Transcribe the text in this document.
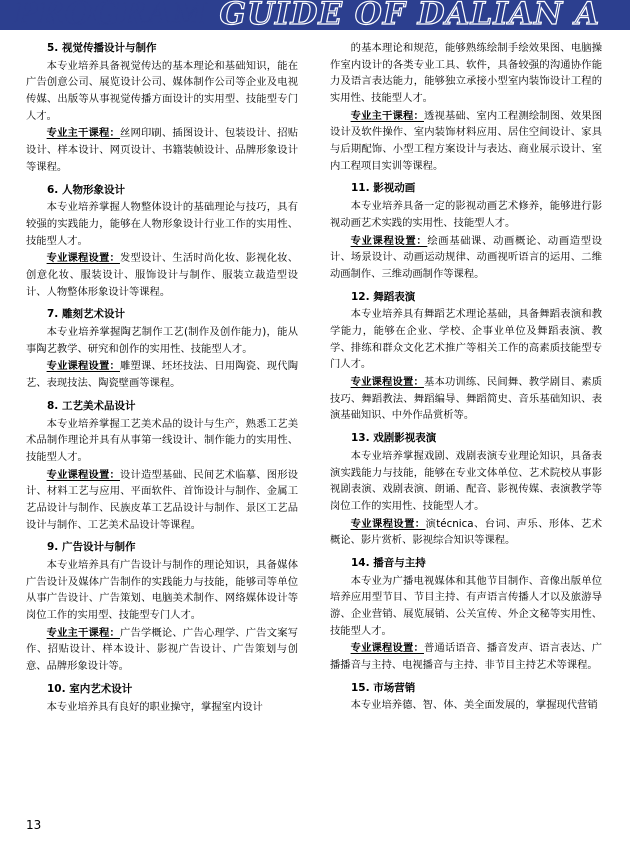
PROGRAM GUIDE OF DALIAN A
5. 视觉传播设计与制作

本专业培养具备视觉传达的基本理论和基础知识，能在广告创意公司、展览设计公司、媒体制作公司等企业及电视传媒、出版等从事视觉传播方面设计的实用型、技能型专门人才。

专业主干课程：丝网印刷、插图设计、包装设计、招贴设计、样本设计、网页设计、书籍装帧设计、品牌形象设计等课程。

6. 人物形象设计

本专业培养掌握人物整体设计的基础理论与技巧，具有较强的实践能力，能够在人物形象设计行业工作的实用性、技能型人才。

专业课程设置：发型设计、生活时尚化妆、影视化妆、创意化妆、服装设计、服饰设计与制作、服装立裁造型设计、人物整体形象设计等课程。

7. 雕刻艺术设计

本专业培养掌握陶艺制作工艺(制作及创作能力)，能从事陶艺教学、研究和创作的实用性、技能型人才。

专业课程设置：雕塑课、坯坯技法、日用陶瓷、现代陶艺、表现技法、陶瓷壁画等课程。

8. 工艺美术品设计

本专业培养掌握工艺美术品的设计与生产，熟悉工艺美术品制作理论并具有从事第一线设计、制作能力的实用性、技能型人才。

专业课程设置：设计造型基础、民间艺术临摹、图形设计、材料工艺与应用、平面软件、首饰设计与制作、金属工艺品设计与制作、民族皮革工艺品设计与制作、景区工艺品设计与制作、工艺美术品设计等课程。

9. 广告设计与制作

本专业培养具有广告设计与制作的理论知识，具备媒体广告设计及媒体广告制作的实践能力与技能，能够司等单位从事广告设计、广告策划、电脑美术制作、网络媒体设计等岗位工作的实用型、技能型专门人才。

专业主干课程：广告学概论、广告心理学、广告文案写作、招贴设计、样本设计、影视广告设计、广告策划与创意、品牌形象设计等。

10. 室内艺术设计

本专业培养具有良好的职业操守，掌握室内设计

的基本理论和规范，能够熟练绘制手绘效果图、电脑操作室内设计的各类专业工具、软件，具备较强的沟通协作能力及语言表达能力，能够独立承接小型室内装饰设计工程的实用性、技能型人才。

专业主干课程：透视基础、室内工程测绘制图、效果图设计及软件操作、室内装饰材料应用、居住空间设计、家具与后期配饰、小型工程方案设计与表达、商业展示设计、室内工程项目实训等课程。

11. 影视动画

本专业培养具备一定的影视动画艺术修养，能够进行影视动画艺术实践的实用性、技能型人才。

专业课程设置：绘画基础课、动画概论、动画造型设计、场景设计、动画运动规律、动画视听语言的运用、二维动画制作、三维动画制作等课程。

12. 舞蹈表演

本专业培养具有舞蹈艺术理论基础，具备舞蹈表演和教学能力，能够在企业、学校、企事业单位及舞蹈表演、教学、排练和群众文化艺术推广等相关工作的高素质技能型专门人才。

专业课程设置：基本功训练、民间舞、教学剧目、素质技巧、舞蹈教法、舞蹈编导、舞蹈简史、音乐基础知识、表演基础知识、中外作品赏析等。

13. 戏剧影视表演

本专业培养掌握戏剧、戏剧表演专业理论知识，具备表演实践能力与技能，能够在专业文体单位、艺术院校从事影视剧表演、戏剧表演、朗诵、配音、影视传媒、表演教学等岗位工作的实用性、技能型人才。

专业课程设置：演técnica、台词、声乐、形体、艺术概论、影片赏析、影视综合知识等课程。

14. 播音与主持

本专业为广播电视媒体和其他节目制作、音像出版单位培养应用型节目、节目主持、有声语言传播人才以及旅游导游、企业营销、展览展销、公关宣传、外企文秘等实用性、技能型人才。

专业课程设置：普通话语音、播音发声、语言表达、广播播音与主持、电视播音与主持、非节目主持艺术等课程。

15. 市场营销

本专业培养德、智、体、美全面发展的，掌握现代营销

13
